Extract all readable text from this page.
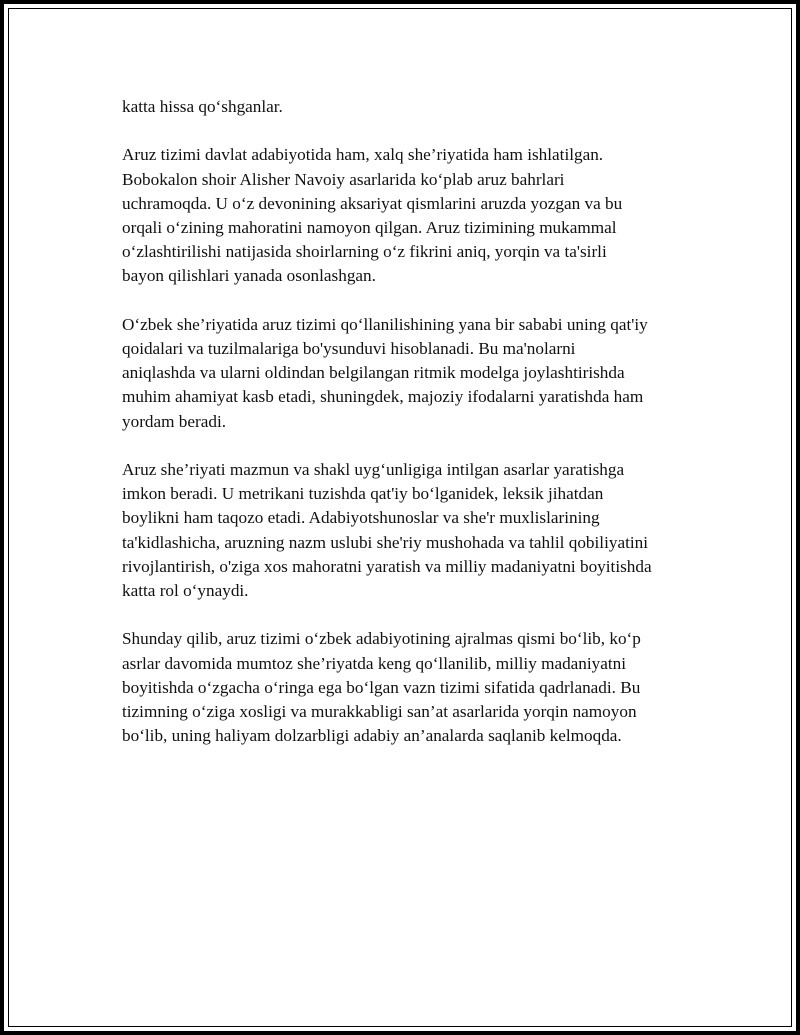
katta hissa qo‘shganlar.

Aruz tizimi davlat adabiyotida ham, xalq she’riyatida ham ishlatilgan.
Bobokalon shoir Alisher Navoiy asarlarida ko‘plab aruz bahrlari
uchramoqda. U o‘z devonining aksariyat qismlarini aruzda yozgan va bu
orqali o‘zining mahoratini namoyon qilgan. Aruz tizimining mukammal
o‘zlashtirilishi natijasida shoirlarning o‘z fikrini aniq, yorqin va ta'sirli
bayon qilishlari yanada osonlashgan.

O‘zbek she’riyatida aruz tizimi qo‘llanilishining yana bir sababi uning qat'iy
qoidalari va tuzilmalariga bo'ysunduvi hisoblanadi. Bu ma'nolarni
aniqlashda va ularni oldindan belgilangan ritmik modelga joylashtirishda
muhim ahamiyat kasb etadi, shuningdek, majoziy ifodalarni yaratishda ham
yordam beradi.

Aruz she’riyati mazmun va shakl uyg‘unligiga intilgan asarlar yaratishga
imkon beradi. U metrikani tuzishda qat'iy bo‘lganidek, leksik jihatdan
boylikni ham taqozo etadi. Adabiyotshunoslar va she'r muxlislarining
ta'kidlashicha, aruzning nazm uslubi she'riy mushohada va tahlil qobiliyatini
rivojlantirish, o'ziga xos mahoratni yaratish va milliy madaniyatni boyitishda
katta rol o‘ynaydi.

Shunday qilib, aruz tizimi o‘zbek adabiyotining ajralmas qismi bo‘lib, ko‘p
asrlar davomida mumtoz she’riyatda keng qo‘llanilib, milliy madaniyatni
boyitishda o‘zgacha o‘ringa ega bo‘lgan vazn tizimi sifatida qadrlanadi. Bu
tizimning o‘ziga xosligi va murakkabligi san’at asarlarida yorqin namoyon
bo‘lib, uning haliyam dolzarbligi adabiy an’analarda saqlanib kelmoqda.
